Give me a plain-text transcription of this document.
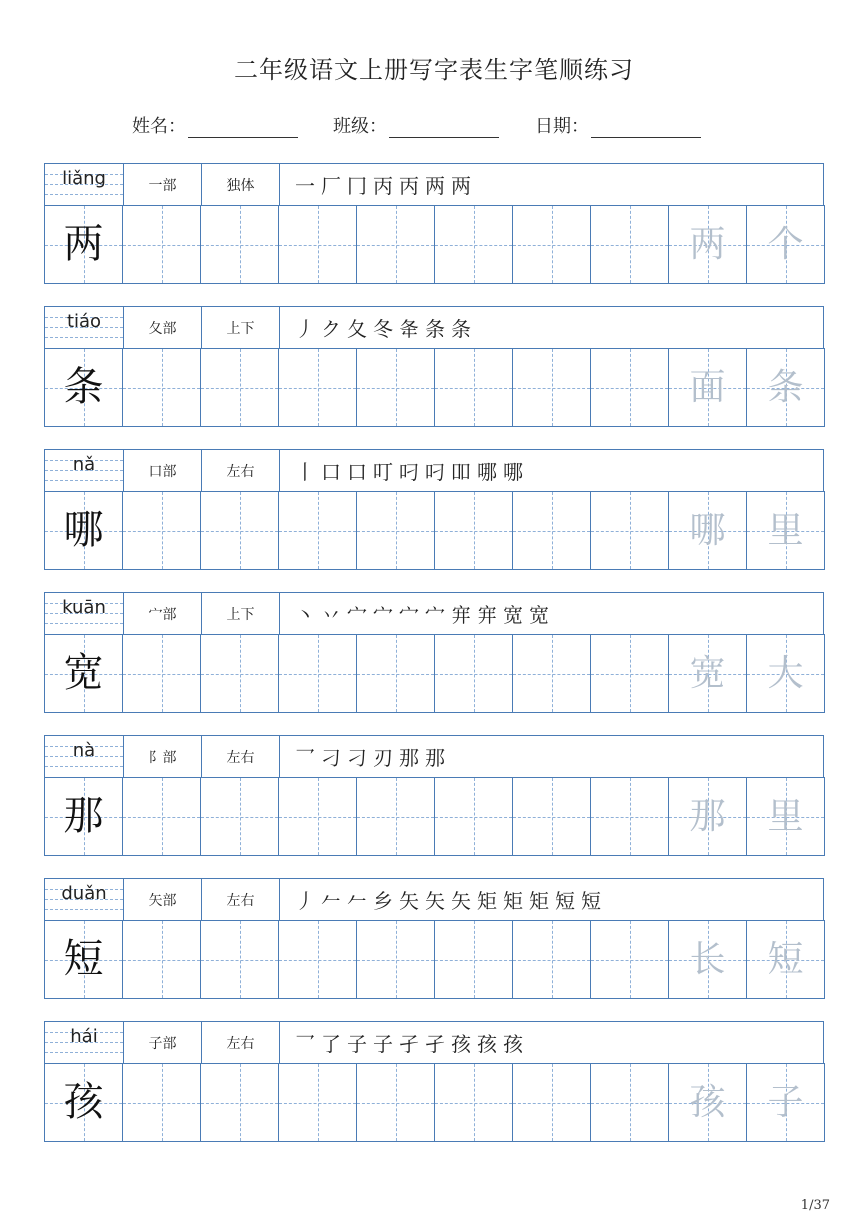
二年级语文上册写字表生字笔顺练习
姓名：	班级：	日期：
liǎng	一部	独体	一厂冂丙丙两两
两	两	个
tiáo	夂部	上下	丿ク夂冬夅条条
条	面	条
nǎ	口部	左右	丨口口叮叼叼吅哪哪
哪	哪	里
kuān	宀部	上下	丶丷宀宀宀宀宑宑宽宽
宽	宽	大
nà	阝部	左右	乛刁刁刃那那
那	那	里
duǎn	矢部	左右	丿𠂉𠂉乡矢矢矢矩矩矩短短
短	长	短
hái	子部	左右	乛了子子孑孑孩孩孩
孩	孩	子
1/37
